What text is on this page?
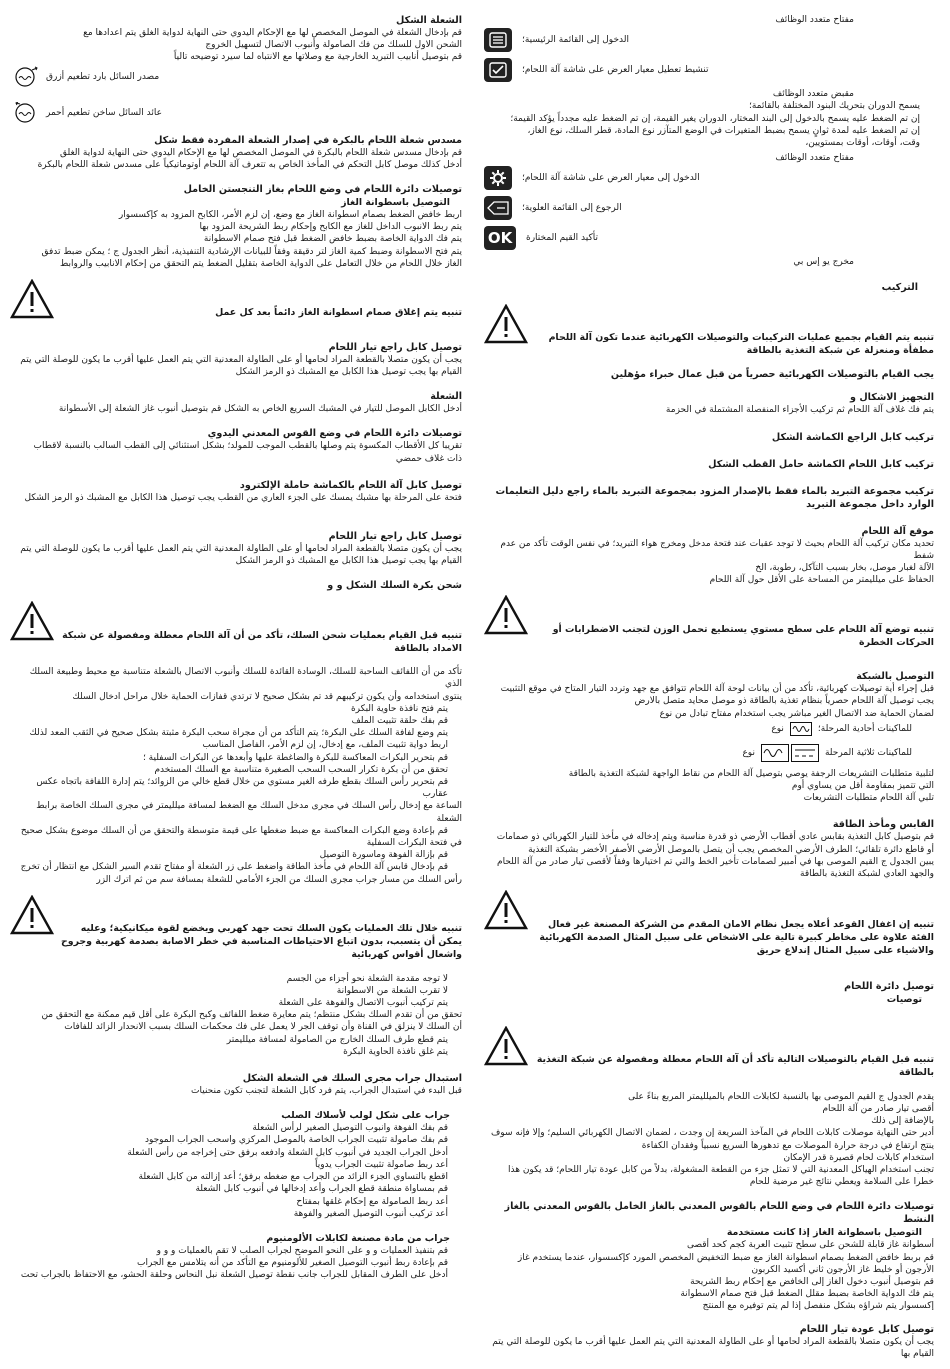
الشعلة الشكل

قم بإدخال الشعلة في الموصل المخصص لها مع الإحكام اليدوي حتى النهاية لدواية الغلق يتم اعدادها مع

الشحن الاول للسلك من فك الصامولة وأنبوب الاتصال لتسهيل الخروج

قم بتوصيل أنابيب التبريد الخارجية مع وصلاتها مع الانتباه لما سيرد توضيحه تالياً

مصدر السائل بارد تطعيم أزرق
عائد السائل ساخن تطعيم أحمر

مسدس شعلة اللحام بالبكرة في إصدار الشعلة المفردة فقط شكل

قم بإدخال مسدس شعلة اللحام بالبكرة في الموصل المخصص لها مع الإحكام اليدوي حتى النهاية لدواية الغلق

أدخل كذلك موصل كابل التحكم في المأخذ الخاص به تتعرف آلة اللحام أوتوماتيكياً على مسدس شعلة اللحام بالبكرة

توصيلات دائرة اللحام في وضع اللحام بغاز التنجستن الخامل

التوصيل باسطوانة الغاز

اربط خافض الضغط بصمام اسطوانة الغاز مع وضع، إن لزم الأمر، الكابح المزود به كإكسسوار

يتم ربط الانبوب الداخل للغاز مع الكابح وإحكام ربط الشريحة المزود بها

يتم فك الدواية الخاصة بضبط خافض الضغط قبل فتح صمام الاسطوانة

يتم فتح الاسطوانة وضبط كمية الغاز لتر دقيقة وفقاً للبيانات الإرشادية التنفيذية، أنظر الجدول ج ؛ يمكن ضبط تدفق

الغاز خلال اللحام من خلال التعامل على الدواية الخاصة بتقليل الضغط يتم التحقق من إحكام الانابيب والروابط

تنبيه يتم إغلاق صمام اسطوانة الغاز دائماً بعد كل عمل

توصيل كابل راجع تيار اللحام

يجب أن يكون متصلا بالقطعة المراد لحامها أو على الطاولة المعدنية التي يتم العمل عليها أقرب ما يكون للوصلة التي يتم

القيام بها يجب توصيل هذا الكابل مع المشبك ذو الرمز الشكل

الشعلة

أدخل الكابل الموصل للتيار في المشبك السريع الخاص به الشكل قم بتوصيل أنبوب غاز الشعلة إلى الأسطوانة

توصيلات دائرة اللحام في وضع القوس المعدني اليدوي

تقريبا كل الأقطاب المكسوة يتم وصلها بالقطب الموجب للمولد؛ بشكل استثنائي إلى القطب السالب بالنسبة لاقطاب

ذات غلاف حمضي

توصيل كابل آلة اللحام بالكماشة حاملة الإلكترود

فتحة على المرحلة بها مشبك يمسك على الجزء العاري من القطب يجب توصيل هذا الكابل مع المشبك ذو الرمز الشكل

توصيل كابل راجع تيار اللحام

يجب أن يكون متصلا بالقطعة المراد لحامها أو على الطاولة المعدنية التي يتم العمل عليها أقرب ما يكون للوصلة التي يتم

القيام بها يجب توصيل هذا الكابل مع المشبك ذو الرمز الشكل

شحن بكرة السلك الشكل و و

تنبيه قبل القيام بعمليات شحن السلك، تأكد من أن آلة اللحام معطلة ومفصولة عن شبكة الامداد بالطاقة

تأكد من أن اللفائف الساحبة للسلك، الوسادة القائدة للسلك وأنبوب الاتصال بالشعلة متناسبة مع محيط وطبيعة السلك الذي

ينتوى استخدامه وأن يكون تركيبهم قد تم بشكل صحيح لا ترتدي قفازات الحماية خلال مراحل ادخال السلك

يتم فتح نافذة حاوية البكرة

قم بفك حلقة تثبيت الملف

يتم وضع لفافة السلك على البكرة؛ يتم التأكد من أن مجراة سحب البكرة مثبتة بشكل صحيح في الثقب المعد لذلك

اربط دواية تثبيت الملف، مع إدخال، إن لزم الأمر، الفاصل المناسب

قم بتحرير البكرات المعاكسة للبكرة والضاغطة عليها وأبعدها عن البكرات السفلية ؛

تحقق من أن بكرة تكرار السحب السحب الصغيرة متناسبة مع السلك المستخدم

قم بتحرير رأس السلك بقطع طرفه الغير مستوي من خلال قطع خالي من الزوائد؛ يتم إدارة اللفافة باتجاه عكس عقارب

الساعة مع إدخال رأس السلك في مجرى مدخل السلك مع الضغط لمسافة ميلليمتر في مجرى السلك الخاصة برابط

الشعلة

قم بإعادة وضع البكرات المعاكسة مع ضبط ضغطها على قيمة متوسطة والتحقق من أن السلك موضوع بشكل صحيح

في فتحة البكرات السفلية

قم بإزالة الفوهة وماسورة التوصيل

قم بإدخال قابس آلة اللحام في مأخذ الطاقة واضغط على زر الشعلة أو مفتاح تقدم السير الشكل مع انتظار أن تخرج

رأس السلك من مسار جراب مجرى السلك من الجزء الأمامي للشعلة بمسافة سم من ثم اترك الزر

تنبيه خلال تلك العمليات يكون السلك تحت جهد كهربي ويخضع لقوة ميكانيكية؛ وعليه يمكن أن يتسبب، بدون اتباع الاحتياطات المناسبة في خطر الاصابة بصدمة كهربية وجروح واشعال أقواس كهربائية

لا توجه مقدمة الشعلة نحو أجزاء من الجسم

لا تقرب الشعلة من الاسطوانة

يتم تركيب أنبوب الاتصال والفوهة على الشعلة

تحقق من أن تقدم السلك بشكل منتظم؛ يتم معايرة ضغط اللفائف وكبح البكرة على أقل قيم ممكنة مع التحقق من

أن السلك لا ينزلق في القناة وأن توقف الجر لا يعمل على فك محكمات السلك بسبب الانحدار الزائد للفافات

يتم قطع طرف السلك الخارج من الصامولة لمسافة ميلليمتر

يتم غلق نافذة الحاوية البكرة

استبدال جراب مجرى السلك في الشعلة الشكل

قبل البدء في استبدال الجراب، يتم فرد كابل الشعلة لتجنب تكون منحنيات

جراب على شكل لولب لأسلاك الصلب

قم بفك الفوهة وانبوب التوصيل الصغير لرأس الشعلة

قم بفك صامولة تثبيت الجراب الخاصة بالموصل المركزي واسحب الجراب الموجود

أدخل الجراب الجديد في أنبوب كابل الشعلة وادفعه برفق حتى إخراجه من رأس الشعلة

أعد ربط صامولة تثبيت الجراب يدوياً

اقطع بالتساوي الجزء الزائد من الجراب مع ضغطه برفق؛ أعد إزالته من كابل الشعلة

قم بمساواة منطقة قطع الجراب وأعد إدخالها في أنبوب كابل الشعلة

أعد ربط الصامولة مع إحكام غلقها بمفتاح

أعد تركيب أنبوب التوصيل الصغير والفوهة

جراب من مادة مصنعة لكابلات الألومنيوم

قم بتنفيذ العمليات و و على النحو الموضح لجراب الصلب لا تقم بالعمليات و و و

قم بإعادة ربط أنبوب التوصيل الصغير للألومنيوم مع التأكد من أنه يتلامس مع الجراب

أدخل على الطرف المقابل للجراب جانب نقطة توصيل الشعلة نبل النحاس وحلقة الحشو، مع الاحتفاظ بالجراب تحت

مفتاح متعدد الوظائف

الدخول إلى القائمة الرئيسية؛
تنشيط تعطيل معيار العرض على شاشة آلة اللحام؛

مقبض متعدد الوظائف

يسمح الدوران بتحريك البنود المختلفة بالقائمة؛

إن تم الضغط عليه يسمح بالدخول إلى البند المختار، الدوران يغير القيمة، إن تم الضغط عليه مجدداً يؤكد القيمة؛

إن تم الضغط عليه لمدة ثوانٍ يسمح بضبط المتغيرات في الوضع المتآزر نوع المادة، قطر السلك، نوع الغاز،

وقت، أوقات، أوقات بمستويين،

مفتاح متعدد الوظائف

الدخول إلى معيار العرض على شاشة آلة اللحام؛
الرجوع إلى القائمة العلوية؛
OK	تأكيد القيم المختارة

مخرج يو إس بي

التركيب

تنبيه يتم القيام بجميع عمليات التركيبات والتوصيلات الكهربائية عندما تكون آلة اللحام مطفأة ومنعزلة عن شبكة التغذية بالطاقة

يجب القيام بالتوصيلات الكهربائية حصرياً من قبل عمال خبراء مؤهلين

التجهيز الاشكال و

يتم فك غلاف آلة اللحام ثم تركيب الأجزاء المنفصلة المشتملة في الحزمة

تركيب كابل الراجع الكماشة الشكل

تركيب كابل اللحام الكماشة حامل القطب الشكل

تركيب مجموعة التبريد بالماء فقط بالإصدار المزود بمجموعة التبريد بالماء راجع دليل التعليمات الوارد داخل مجموعة التبريد

موقع آلة اللحام

تحديد مكان تركيب آلة اللحام بحيث لا توجد عقبات عند فتحة مدخل ومخرج هواء التبريد؛ في نفس الوقت تأكد من عدم شفط

الآلة لغبار موصل، بخار بسبب التآكل، رطوبة، الخ

الحفاظ على ميلليمتر من المساحة على الأقل حول آلة اللحام

تنبيه توضع آلة اللحام على سطح مستوي يستطيع تحمل الوزن لتجنب الاضطرابات أو الحركات الخطرة

التوصيل بالشبكة

قبل إجراء أية توصيلات كهربائية، تأكد من أن بيانات لوحة آلة اللحام تتوافق مع جهد وتردد التيار المتاح في موقع التثبيت

يجب توصيل آلة اللحام حصرياً بنظام تغذية بالطاقة ذو موصل محايد متصل بالارض

لضمان الحماية ضد الاتصال الغير مباشر يجب استخدام مفتاح تبادل من نوع

نوع	للماكينات أحادية المرحلة؛
نوع	للماكينات ثلاثية المرحلة

لتلبية متطلبات التشريعات الرجفة يوصي بتوصيل آلة اللحام من نقاط الواجهة لشبكة التغذية بالطاقة

التي تتميز بمقاومة أقل من يساوي أوم

تلبي آلة اللحام متطلبات التشريعات

القابس ومأخذ الطاقة

قم بتوصيل كابل التغذية بقابس عادي أقطاب الأرضي ذو قدرة مناسبة ويتم إدخاله في مأخذ للتيار الكهربائي ذو صمامات

أو قاطع دائرة تلقائي؛ الطرف الأرضي المخصص يجب أن يتصل بالموصل الأرضي الأصفر الأخضر بشبكة التغذية

يبين الجدول ج القيم الموصى بها في أمبير لصمامات تأخير الخط والتي تم اختيارها وفقاً لأقصى تيار صادر من آلة اللحام

والجهد العادي لشبكة التغذية بالطاقة

تنبيه إن اغفال القوعد أعلاه يجعل نظام الامان المقدم من الشركة المصنعة غير فعال الفئة علاوة على مخاطر كبيرة تالية على الاشخاص على سبيل المثال الصدمة الكهربائية والاشياء على سبيل المثال إندلاع حريق

توصيل دائرة اللحام

توصيات

تنبيه قبل القيام بالتوصيلات التالية تأكد أن آلة اللحام معطلة ومفصولة عن شبكة التغذية بالطاقة

يقدم الجدول ج القيم الموصى بها بالنسبة لكابلات اللحام بالميلليمتر المربع بناءً على

أقصى تيار صادر من آلة اللحام

بالإضافة إلى ذلك

أدير حتى النهاية موصلات كابلات اللحام في المآخذ السريعة إن وجدت ، لضمان الاتصال الكهربائي السليم؛ وإلا فإنه سوف

ينتج ارتفاع في درجة حرارة الموصلات مع تدهورها السريع نسبياً وفقدان الكفاءة

استخدام كابلات لحام قصيرة قدر الإمكان

تجنب استخدام الهياكل المعدنية التي لا تمثل جزء من القطعة المشغولة، بدلاً من كابل عودة تيار اللحام؛ قد يكون هذا

خطرا على السلامة ويعطي نتائج غير مرضية للحام

توصيلات دائرة اللحام في وضع اللحام بالقوس المعدني بالغاز الخامل بالقوس المعدني بالغاز النشط

التوصيل باسطوانة الغاز إذا كانت مستخدمة

أسطوانة غاز قابلة للشحن على سطح تثبيت العربة كجم كحد أقصى

قم بربط خافض الضغط بصمام اسطوانة الغاز مع ضبط التخفيض المخصص المورد كإكسسوار، عندما يستخدم غاز

الأرجون أو خليط غاز الأرجون ثاني أكسيد الكربون

قم بتوصيل أنبوب دخول الغاز إلى الخافض مع إحكام ربط الشريحة

يتم فك الدواية الخاصة بضبط مقلل الضغط قبل فتح صمام الاسطوانة

إكسسوار يتم شراؤه بشكل منفصل إذا لم يتم توفيره مع المنتج

توصيل كابل عودة تيار اللحام

يجب أن يكون متصلا بالقطعة المراد لحامها أو على الطاولة المعدنية التي يتم العمل عليها أقرب ما يكون للوصلة التي يتم

القيام بها
